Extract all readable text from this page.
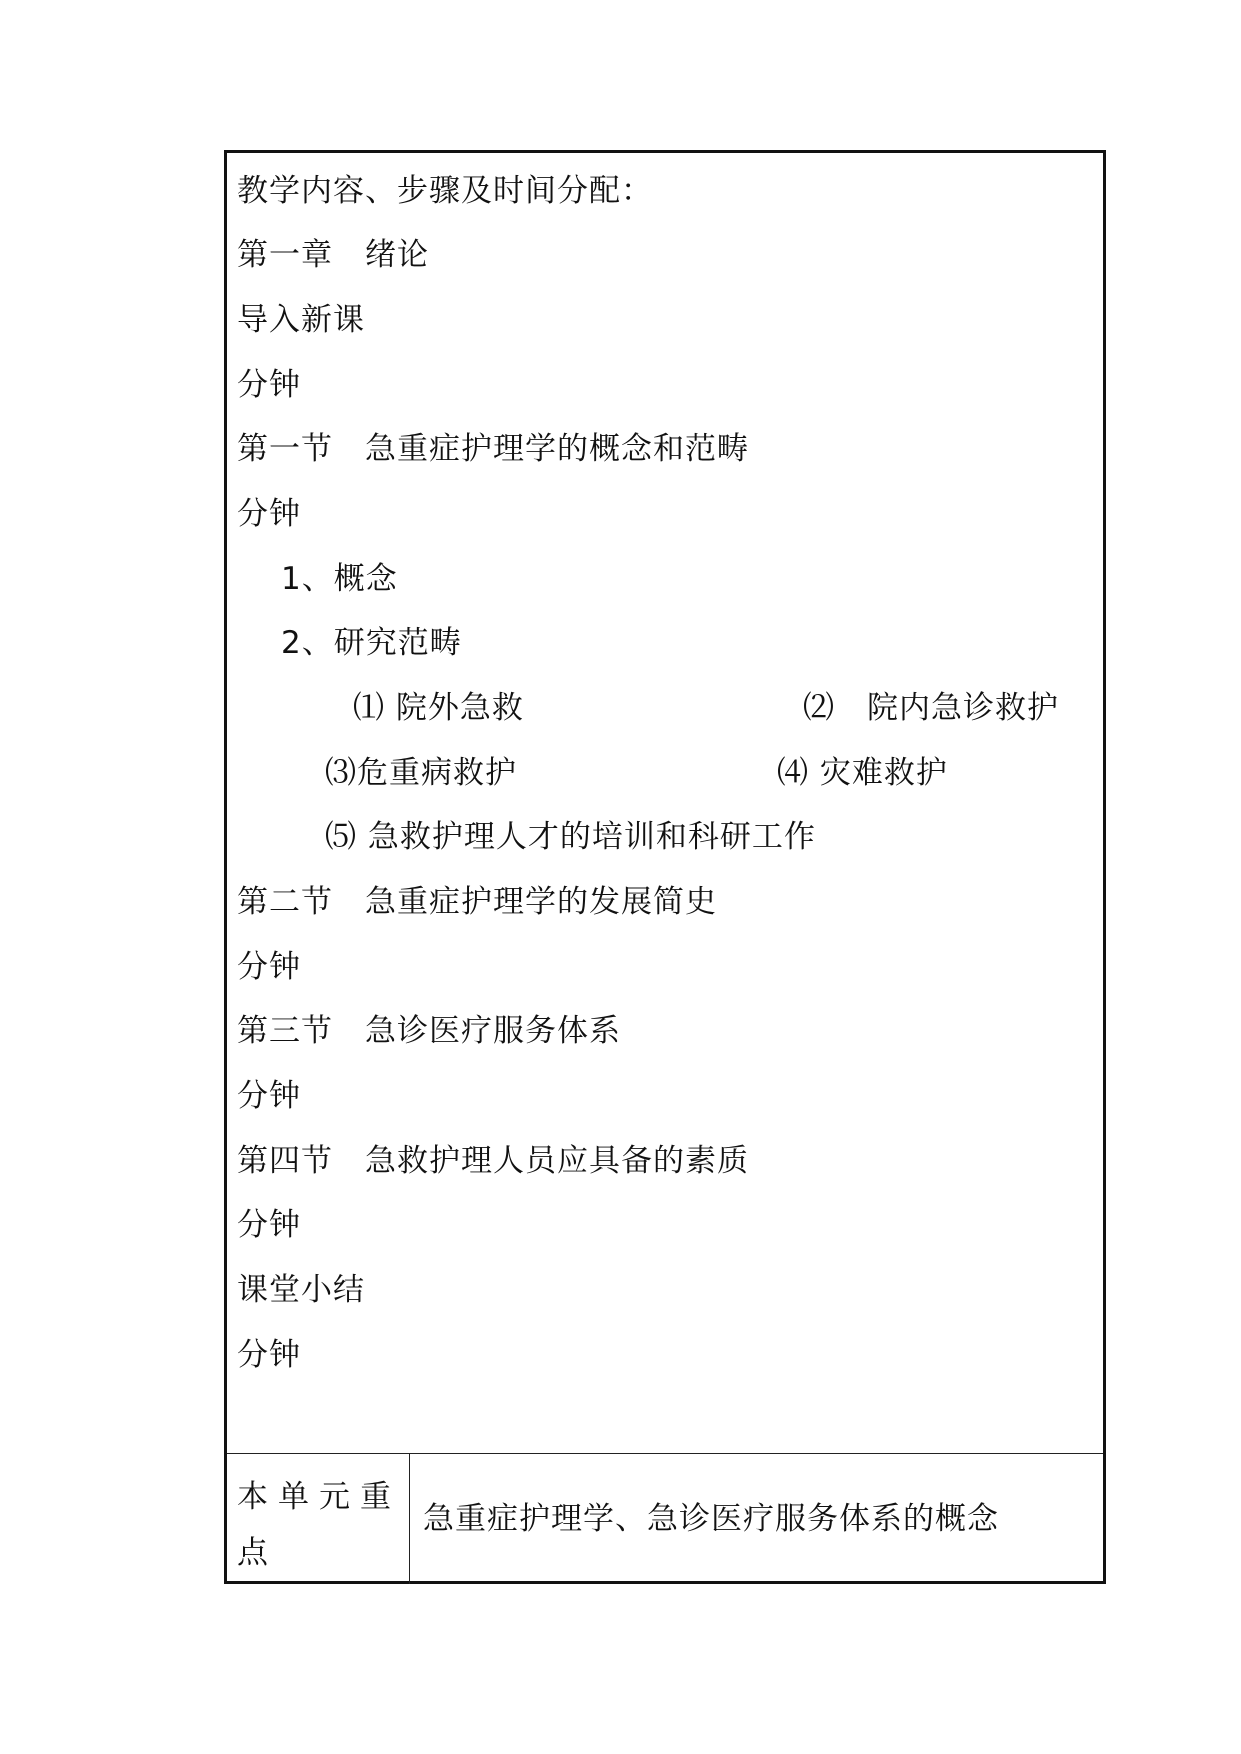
教学内容、步骤及时间分配：
第一章　绪论
导入新课
分钟
第一节　急重症护理学的概念和范畴
分钟
1、概念
2、研究范畴
⑴ 院外急救	⑵　院内急诊救护
⑶危重病救护	⑷ 灾难救护
⑸ 急救护理人才的培训和科研工作
第二节　急重症护理学的发展简史
分钟
第三节　急诊医疗服务体系
分钟
第四节　急救护理人员应具备的素质
分钟
课堂小结
分钟
本单元重点
急重症护理学、急诊医疗服务体系的概念
